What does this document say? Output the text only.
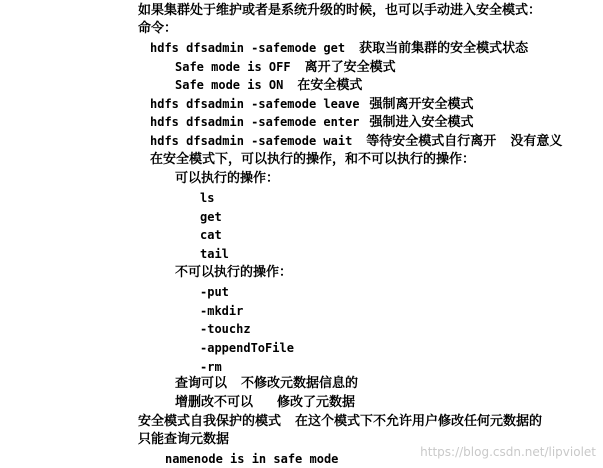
如果集群处于维护或者是系统升级的时候，也可以手动进入安全模式：
命令：
hdfs dfsadmin -safemode get 获取当前集群的安全模式状态
Safe mode is OFF 离开了安全模式
Safe mode is ON 在安全模式
hdfs dfsadmin -safemode leave 强制离开安全模式
hdfs dfsadmin -safemode enter 强制进入安全模式
hdfs dfsadmin -safemode wait 等待安全模式自行离开 没有意义
在安全模式下，可以执行的操作，和不可以执行的操作：
可以执行的操作：
ls
get
cat
tail
不可以执行的操作：
-put
-mkdir
-touchz
-appendToFile
-rm
查询可以 不修改元数据信息的
增删改不可以 修改了元数据
安全模式自我保护的模式 在这个模式下不允许用户修改任何元数据的
只能查询元数据
namenode is in safe mode	https://blog.csdn.net/lipviolet
